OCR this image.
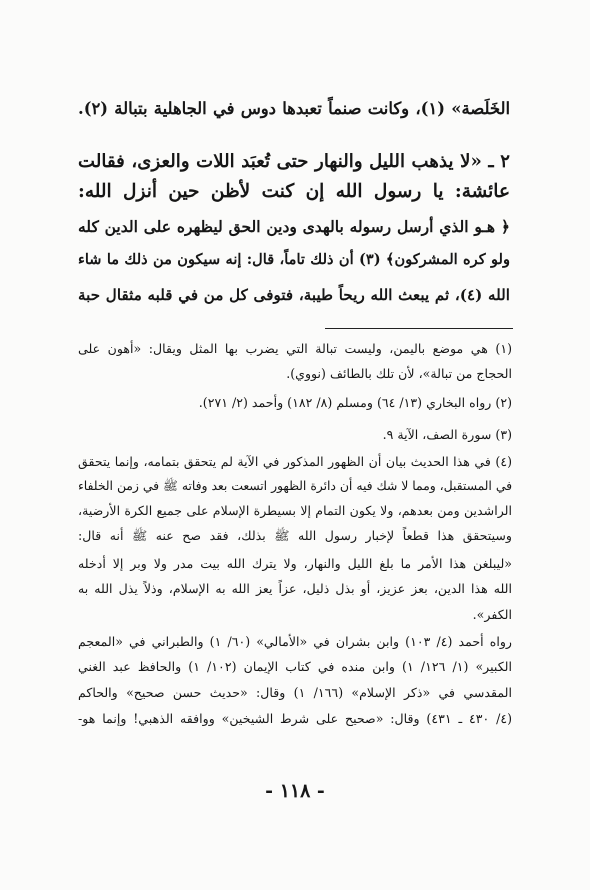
الخَلَصة» (١)، وكانت صنماً تعبدها دوس في الجاهلية بتبالة (٢).
٢ ـ «لا يذهب الليل والنهار حتى تُعبَد اللات والعزى، فقالت
عائشة: يا رسول الله إن كنت لأظن حين أنزل الله:
﴿ هـو الذي أرسل رسوله بالهدى ودين الحق ليظهره على الدين كله
ولو كره المشركون﴾ (٣) أن ذلك تاماً، قال: إنه سيكون من ذلك ما شاء
الله (٤)، ثم يبعث الله ريحاً طيبة، فتوفى كل من في قلبه مثقال حبة
(١) هي موضع باليمن، وليست تبالة التي يضرب بها المثل ويقال: «أهون على
الحجاج من تبالة»، لأن تلك بالطائف (نووي).
(٢) رواه البخاري (١٣/ ٦٤) ومسلم (٨/ ١٨٢) وأحمد (٢/ ٢٧١).
(٣) سورة الصف، الآية ٩.
(٤) في هذا الحديث بيان أن الظهور المذكور في الآية لم يتحقق بتمامه، وإنما يتحقق
في المستقبل، ومما لا شك فيه أن دائرة الظهور اتسعت بعد وفاته ﷺ في زمن الخلفاء
الراشدين ومن بعدهم، ولا يكون التمام إلا بسيطرة الإسلام على جميع الكرة الأرضية،
وسيتحقق هذا قطعاً لإخبار رسول الله ﷺ بذلك، فقد صح عنه ﷺ أنه قال:
«ليبلغن هذا الأمر ما بلغ الليل والنهار، ولا يترك الله بيت مدر ولا وبر إلا أدخله
الله هذا الدين، بعز عزيز، أو بذل ذليل، عزاً يعز الله به الإسلام، وذلاً يذل الله به
الكفر».
رواه أحمد (٤/ ١٠٣) وابن بشران في «الأمالي» (٦٠/ ١) والطبراني في «المعجم
الكبير» (١/ ١٢٦/ ١) وابن منده في كتاب الإيمان (١٠٢/ ١) والحافظ عبد الغني
المقدسي في «ذكر الإسلام» (١٦٦/ ١) وقال: «حديث حسن صحيح» والحاكم
(٤/ ٤٣٠ ـ ٤٣١) وقال: «صحيح على شرط الشيخين» ووافقه الذهبي! وإنما هو-
- ١١٨ -
